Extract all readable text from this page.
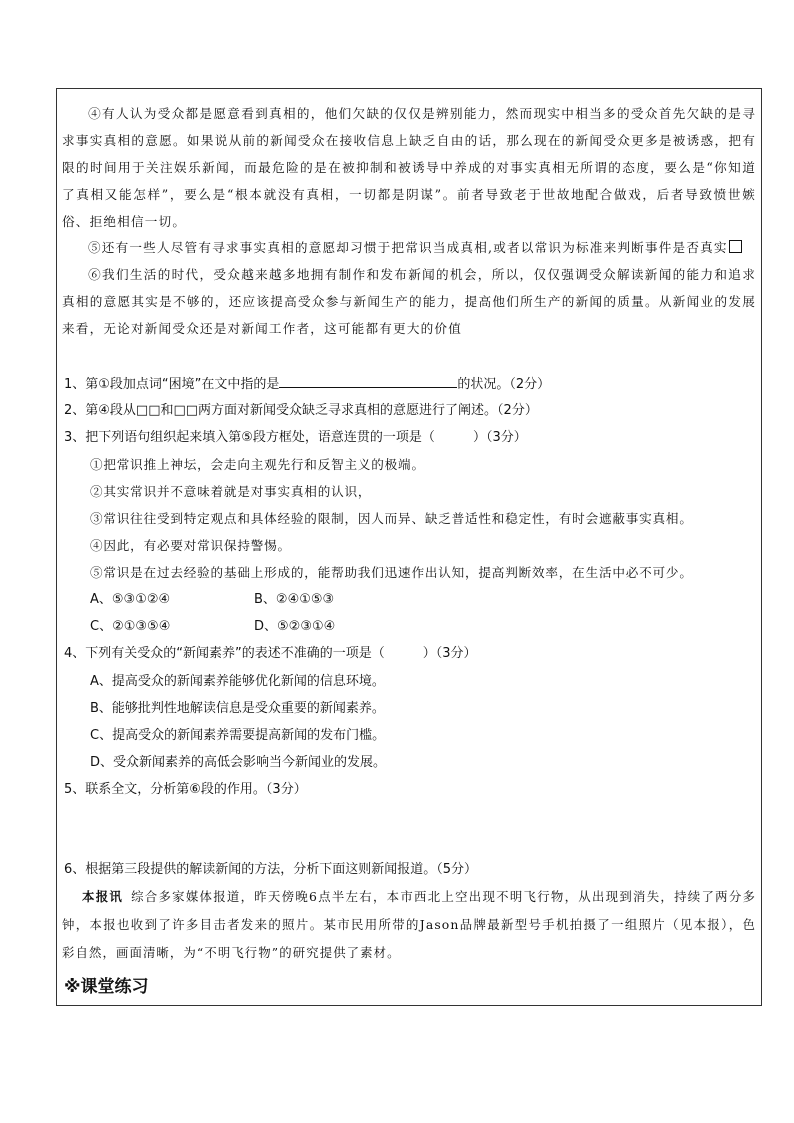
④有人认为受众都是愿意看到真相的，他们欠缺的仅仅是辨别能力，然而现实中相当多的受众首先欠缺的是寻求事实真相的意愿。如果说从前的新闻受众在接收信息上缺乏自由的话，那么现在的新闻受众更多是被诱惑，把有限的时间用于关注娱乐新闻，而最危险的是在被抑制和被诱导中养成的对事实真相无所谓的态度，要么是“你知道了真相又能怎样”，要么是“根本就没有真相，一切都是阴谋”。前者导致老于世故地配合做戏，后者导致愤世嫉俗、拒绝相信一切。

⑤还有一些人尽管有寻求事实真相的意愿却习惯于把常识当成真相,或者以常识为标准来判断事件是否真实

⑥我们生活的时代，受众越来越多地拥有制作和发布新闻的机会，所以，仅仅强调受众解读新闻的能力和追求真相的意愿其实是不够的，还应该提高受众参与新闻生产的能力，提高他们所生产的新闻的质量。从新闻业的发展来看，无论对新闻受众还是对新闻工作者，这可能都有更大的价值

1、第①段加点词“困境”在文中指的是	的状况。（2分）

2、第④段从□□和□□两方面对新闻受众缺乏寻求真相的意愿进行了阐述。（2分）

3、把下列语句组织起来填入第⑤段方框处，语意连贯的一项是（	）（3分）

①把常识推上神坛，会走向主观先行和反智主义的极端。

②其实常识并不意味着就是对事实真相的认识，

③常识往往受到特定观点和具体经验的限制，因人而异、缺乏普适性和稳定性，有时会遮蔽事实真相。

④因此，有必要对常识保持警惕。

⑤常识是在过去经验的基础上形成的，能帮助我们迅速作出认知，提高判断效率，在生活中必不可少。

A、⑤③①②④	B、②④①⑤③

C、②①③⑤④	D、⑤②③①④

4、下列有关受众的“新闻素养”的表述不准确的一项是（	）（3分）

A、提高受众的新闻素养能够优化新闻的信息环境。

B、能够批判性地解读信息是受众重要的新闻素养。

C、提高受众的新闻素养需要提高新闻的发布门槛。

D、受众新闻素养的高低会影响当今新闻业的发展。

5、联系全文，分析第⑥段的作用。（3分）

6、根据第三段提供的解读新闻的方法，分析下面这则新闻报道。（5分）

本报讯 综合多家媒体报道，昨天傍晚6点半左右，本市西北上空出现不明飞行物，从出现到消失，持续了两分多钟，本报也收到了许多目击者发来的照片。某市民用所带的Jason品牌最新型号手机拍摄了一组照片（见本报），色彩自然，画面清晰，为“不明飞行物”的研究提供了素材。

※课堂练习
